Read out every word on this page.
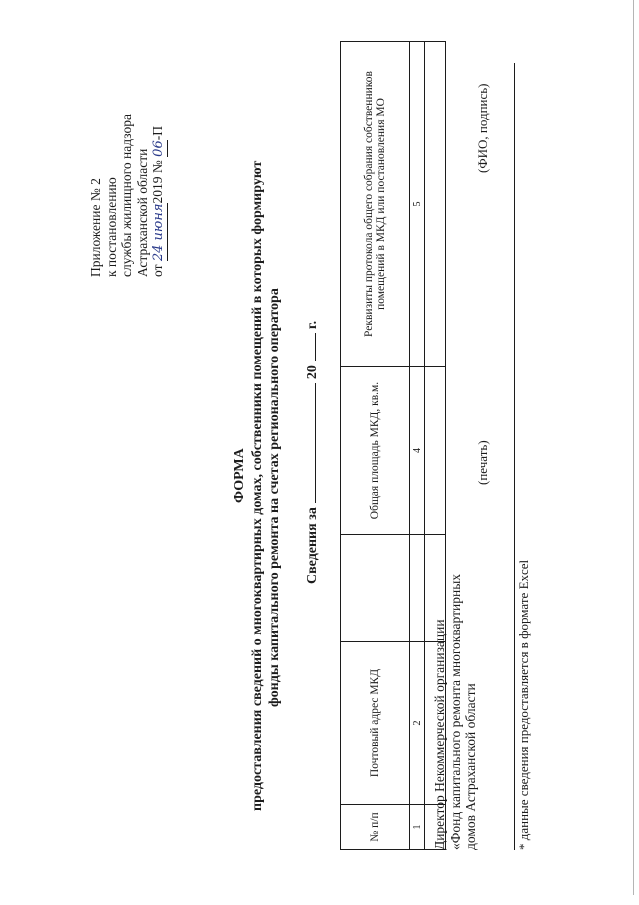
Приложение № 2 к постановлению службы жилищного надзора Астраханской области от 24 июня2019 № 06-П
ФОРМА предоставления сведений о многоквартирных домах, собственники помещений в которых формируют фонды капитального ремонта на счетах регионального оператора Сведения за20г.
№ п/п	Почтовый адрес МКД		Общая площадь МКД, кв.м.	Реквизиты протокола общего собрания собственников помещений в МКД или постановления МО
1	2		4	5

Директор Некоммерческой организации «Фонд капитального ремонта многоквартирных домов Астраханской области
(печать)
(ФИО, подпись)
* данные сведения предоставляется в формате Excel
